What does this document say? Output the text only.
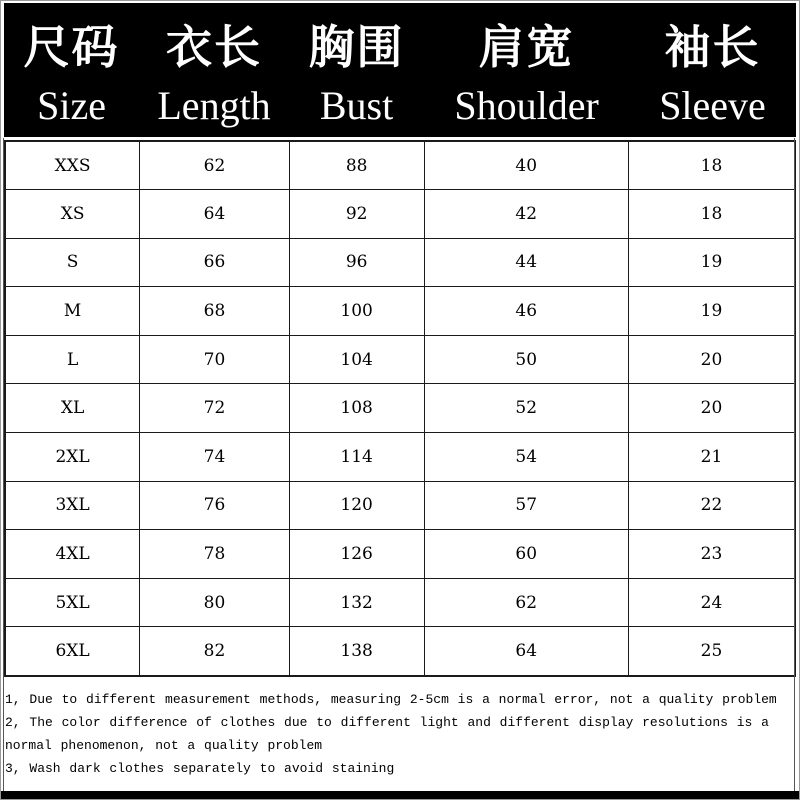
尺码	衣长	胸围	肩宽	袖长
Size	Length	Bust	Shoulder	Sleeve
XXS	62	88	40	18
XS	64	92	42	18
S	66	96	44	19
M	68	100	46	19
L	70	104	50	20
XL	72	108	52	20
2XL	74	114	54	21
3XL	76	120	57	22
4XL	78	126	60	23
5XL	80	132	62	24
6XL	82	138	64	25
1, Due to different measurement methods, measuring 2-5cm is a normal error, not a quality problem
2, The color difference of clothes due to different light and different display resolutions is a normal phenomenon, not a quality problem
3, Wash dark clothes separately to avoid staining
